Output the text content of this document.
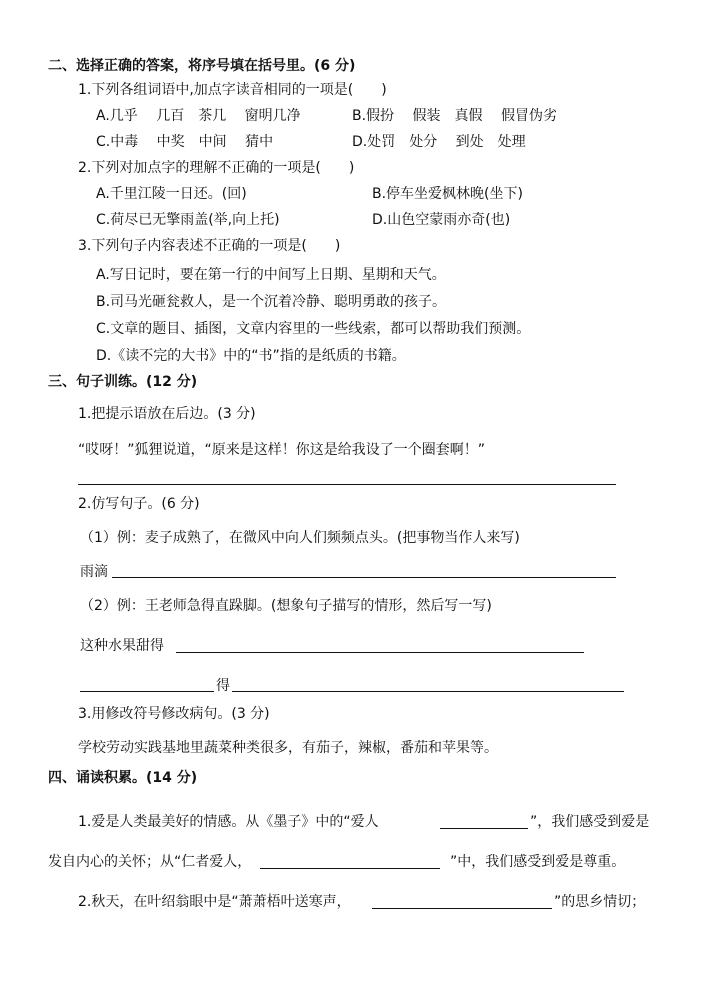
二、选择正确的答案，将序号填在括号里。(6 分)
1.下列各组词语中,加点字读音相同的一项是(　　)
A.几乎　 几百　茶几　 窗明几净	B.假扮　 假装　真假　 假冒伪劣
C.中毒　 中奖　中间　 猜中	D.处罚　处分　 到处　处理
2.下列对加点字的理解不正确的一项是(　　)
A.千里江陵一日还。(回)	B.停车坐爱枫林晚(坐下)
C.荷尽已无擎雨盖(举,向上托)	D.山色空蒙雨亦奇(也)
3.下列句子内容表述不正确的一项是(　　)
A.写日记时，要在第一行的中间写上日期、星期和天气。
B.司马光砸瓮救人，是一个沉着冷静、聪明勇敢的孩子。
C.文章的题目、插图，文章内容里的一些线索，都可以帮助我们预测。
D.《读不完的大书》中的“书”指的是纸质的书籍。
三、句子训练。(12 分)
1.把提示语放在后边。(3 分)
“哎呀！”狐狸说道，“原来是这样！你这是给我设了一个圈套啊！”
2.仿写句子。(6 分)
（1）例：麦子成熟了，在微风中向人们频频点头。(把事物当作人来写)
雨滴
（2）例：王老师急得直跺脚。(想象句子描写的情形，然后写一写)
这种水果甜得
得
3.用修改符号修改病句。(3 分)
学校劳动实践基地里蔬菜种类很多，有茄子，辣椒，番茄和苹果等。
四、诵读积累。(14 分)
1.爱是人类最美好的情感。从《墨子》中的“爱人	”，我们感受到爱是
发自内心的关怀；从“仁者爱人，	”中，我们感受到爱是尊重。
2.秋天，在叶绍翁眼中是“萧萧梧叶送寒声，	”的思乡情切；
